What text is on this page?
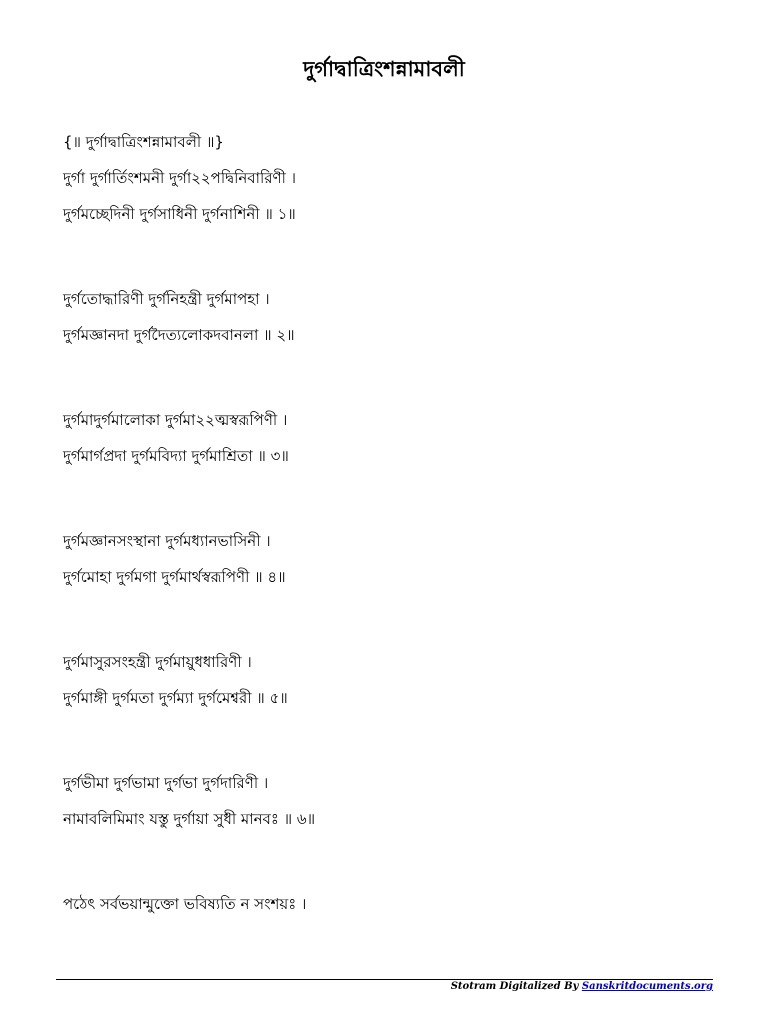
দুর্গাদ্বাত্রিংশন্নামাবলী
{॥ দুর্গাদ্বাত্রিংশন্নামাবলী ॥}
দুর্গা দুর্গার্তিংশমনী দুর্গা২২পদ্বিনিবারিণী ।
দুর্গমচ্ছেদিনী দুর্গসাধিনী দুর্গনাশিনী ॥ ১॥
দুর্গতোদ্ধারিণী দুর্গনিহন্ত্রী দুর্গমাপহা ।
দুর্গমজ্ঞানদা দুর্গদৈত্যলোকদবানলা ॥ ২॥
দুর্গমাদুর্গমালোকা দুর্গমা২২ত্মস্বরূপিণী ।
দুর্গমার্গপ্রদা দুর্গমবিদ্যা দুর্গমাশ্রিতা ॥ ৩॥
দুর্গমজ্ঞানসংস্থানা দুর্গমধ্যানভাসিনী ।
দুর্গমোহা দুর্গমগা দুর্গমার্থস্বরূপিণী ॥ ৪॥
দুর্গমাসুরসংহন্ত্রী দুর্গমায়ুধধারিণী ।
দুর্গমাঙ্গী দুর্গমতা দুর্গম্যা দুর্গমেশ্বরী ॥ ৫॥
দুর্গভীমা দুর্গভামা দুর্গভা দুর্গদারিণী ।
নামাবলিমিমাং যস্তু দুর্গায়া সুধী মানবঃ ॥ ৬॥
পঠেৎ সর্বভয়ান্মুক্তো ভবিষ্যতি ন সংশয়ঃ ।
Stotram Digitalized By Sanskritdocuments.org
